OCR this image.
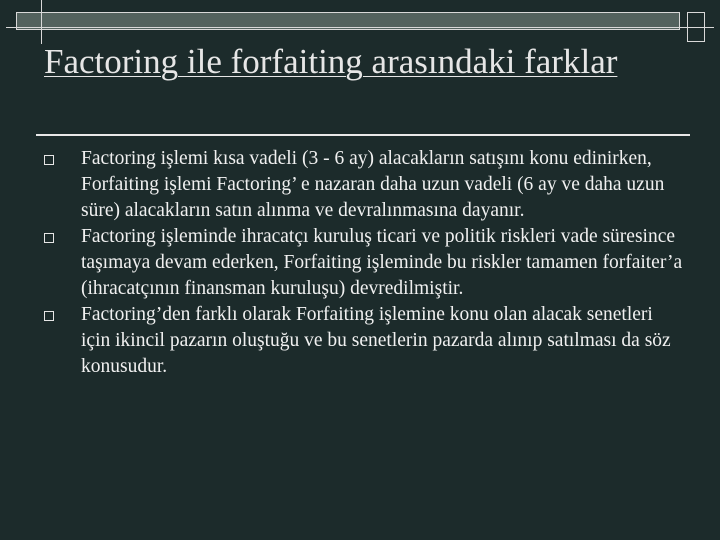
Factoring ile forfaiting arasındaki farklar
Factoring işlemi kısa vadeli (3 - 6 ay) alacakların satışını konu edinirken, Forfaiting işlemi Factoring’ e nazaran daha uzun vadeli (6 ay ve daha uzun süre) alacakların satın alınma ve devralınmasına dayanır.
Factoring işleminde ihracatçı kuruluş ticari ve politik riskleri vade süresince taşımaya devam ederken, Forfaiting işleminde bu riskler tamamen forfaiter’a (ihracatçının finansman kuruluşu) devredilmiştir.
Factoring’den farklı olarak Forfaiting işlemine konu olan alacak senetleri için ikincil pazarın oluştuğu ve bu senetlerin pazarda alınıp satılması da söz konusudur.
